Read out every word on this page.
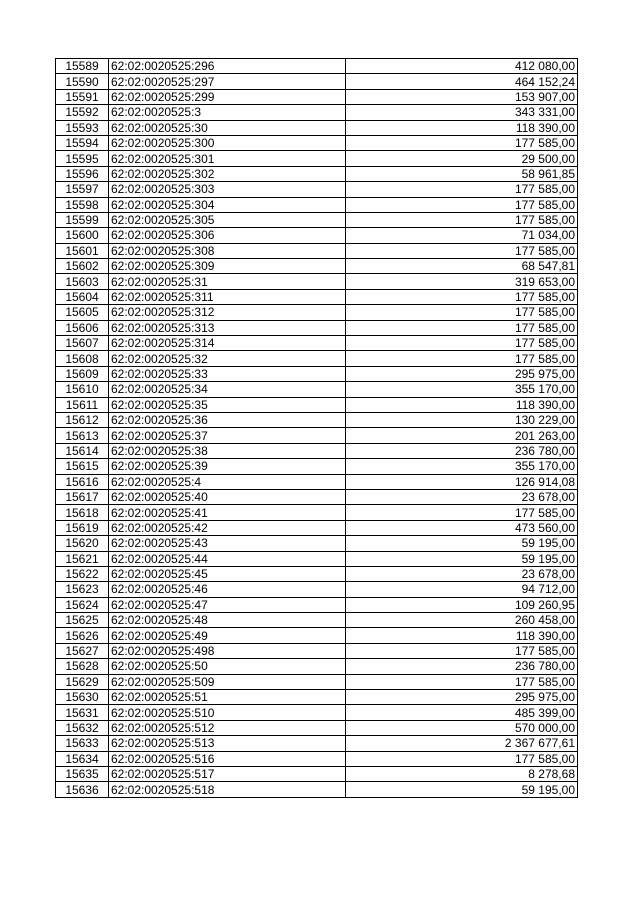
15589	62:02:0020525:296	412 080,00
15590	62:02:0020525:297	464 152,24
15591	62:02:0020525:299	153 907,00
15592	62:02:0020525:3	343 331,00
15593	62:02:0020525:30	118 390,00
15594	62:02:0020525:300	177 585,00
15595	62:02:0020525:301	29 500,00
15596	62:02:0020525:302	58 961,85
15597	62:02:0020525:303	177 585,00
15598	62:02:0020525:304	177 585,00
15599	62:02:0020525:305	177 585,00
15600	62:02:0020525:306	71 034,00
15601	62:02:0020525:308	177 585,00
15602	62:02:0020525:309	68 547,81
15603	62:02:0020525:31	319 653,00
15604	62:02:0020525:311	177 585,00
15605	62:02:0020525:312	177 585,00
15606	62:02:0020525:313	177 585,00
15607	62:02:0020525:314	177 585,00
15608	62:02:0020525:32	177 585,00
15609	62:02:0020525:33	295 975,00
15610	62:02:0020525:34	355 170,00
15611	62:02:0020525:35	118 390,00
15612	62:02:0020525:36	130 229,00
15613	62:02:0020525:37	201 263,00
15614	62:02:0020525:38	236 780,00
15615	62:02:0020525:39	355 170,00
15616	62:02:0020525:4	126 914,08
15617	62:02:0020525:40	23 678,00
15618	62:02:0020525:41	177 585,00
15619	62:02:0020525:42	473 560,00
15620	62:02:0020525:43	59 195,00
15621	62:02:0020525:44	59 195,00
15622	62:02:0020525:45	23 678,00
15623	62:02:0020525:46	94 712,00
15624	62:02:0020525:47	109 260,95
15625	62:02:0020525:48	260 458,00
15626	62:02:0020525:49	118 390,00
15627	62:02:0020525:498	177 585,00
15628	62:02:0020525:50	236 780,00
15629	62:02:0020525:509	177 585,00
15630	62:02:0020525:51	295 975,00
15631	62:02:0020525:510	485 399,00
15632	62:02:0020525:512	570 000,00
15633	62:02:0020525:513	2 367 677,61
15634	62:02:0020525:516	177 585,00
15635	62:02:0020525:517	8 278,68
15636	62:02:0020525:518	59 195,00
